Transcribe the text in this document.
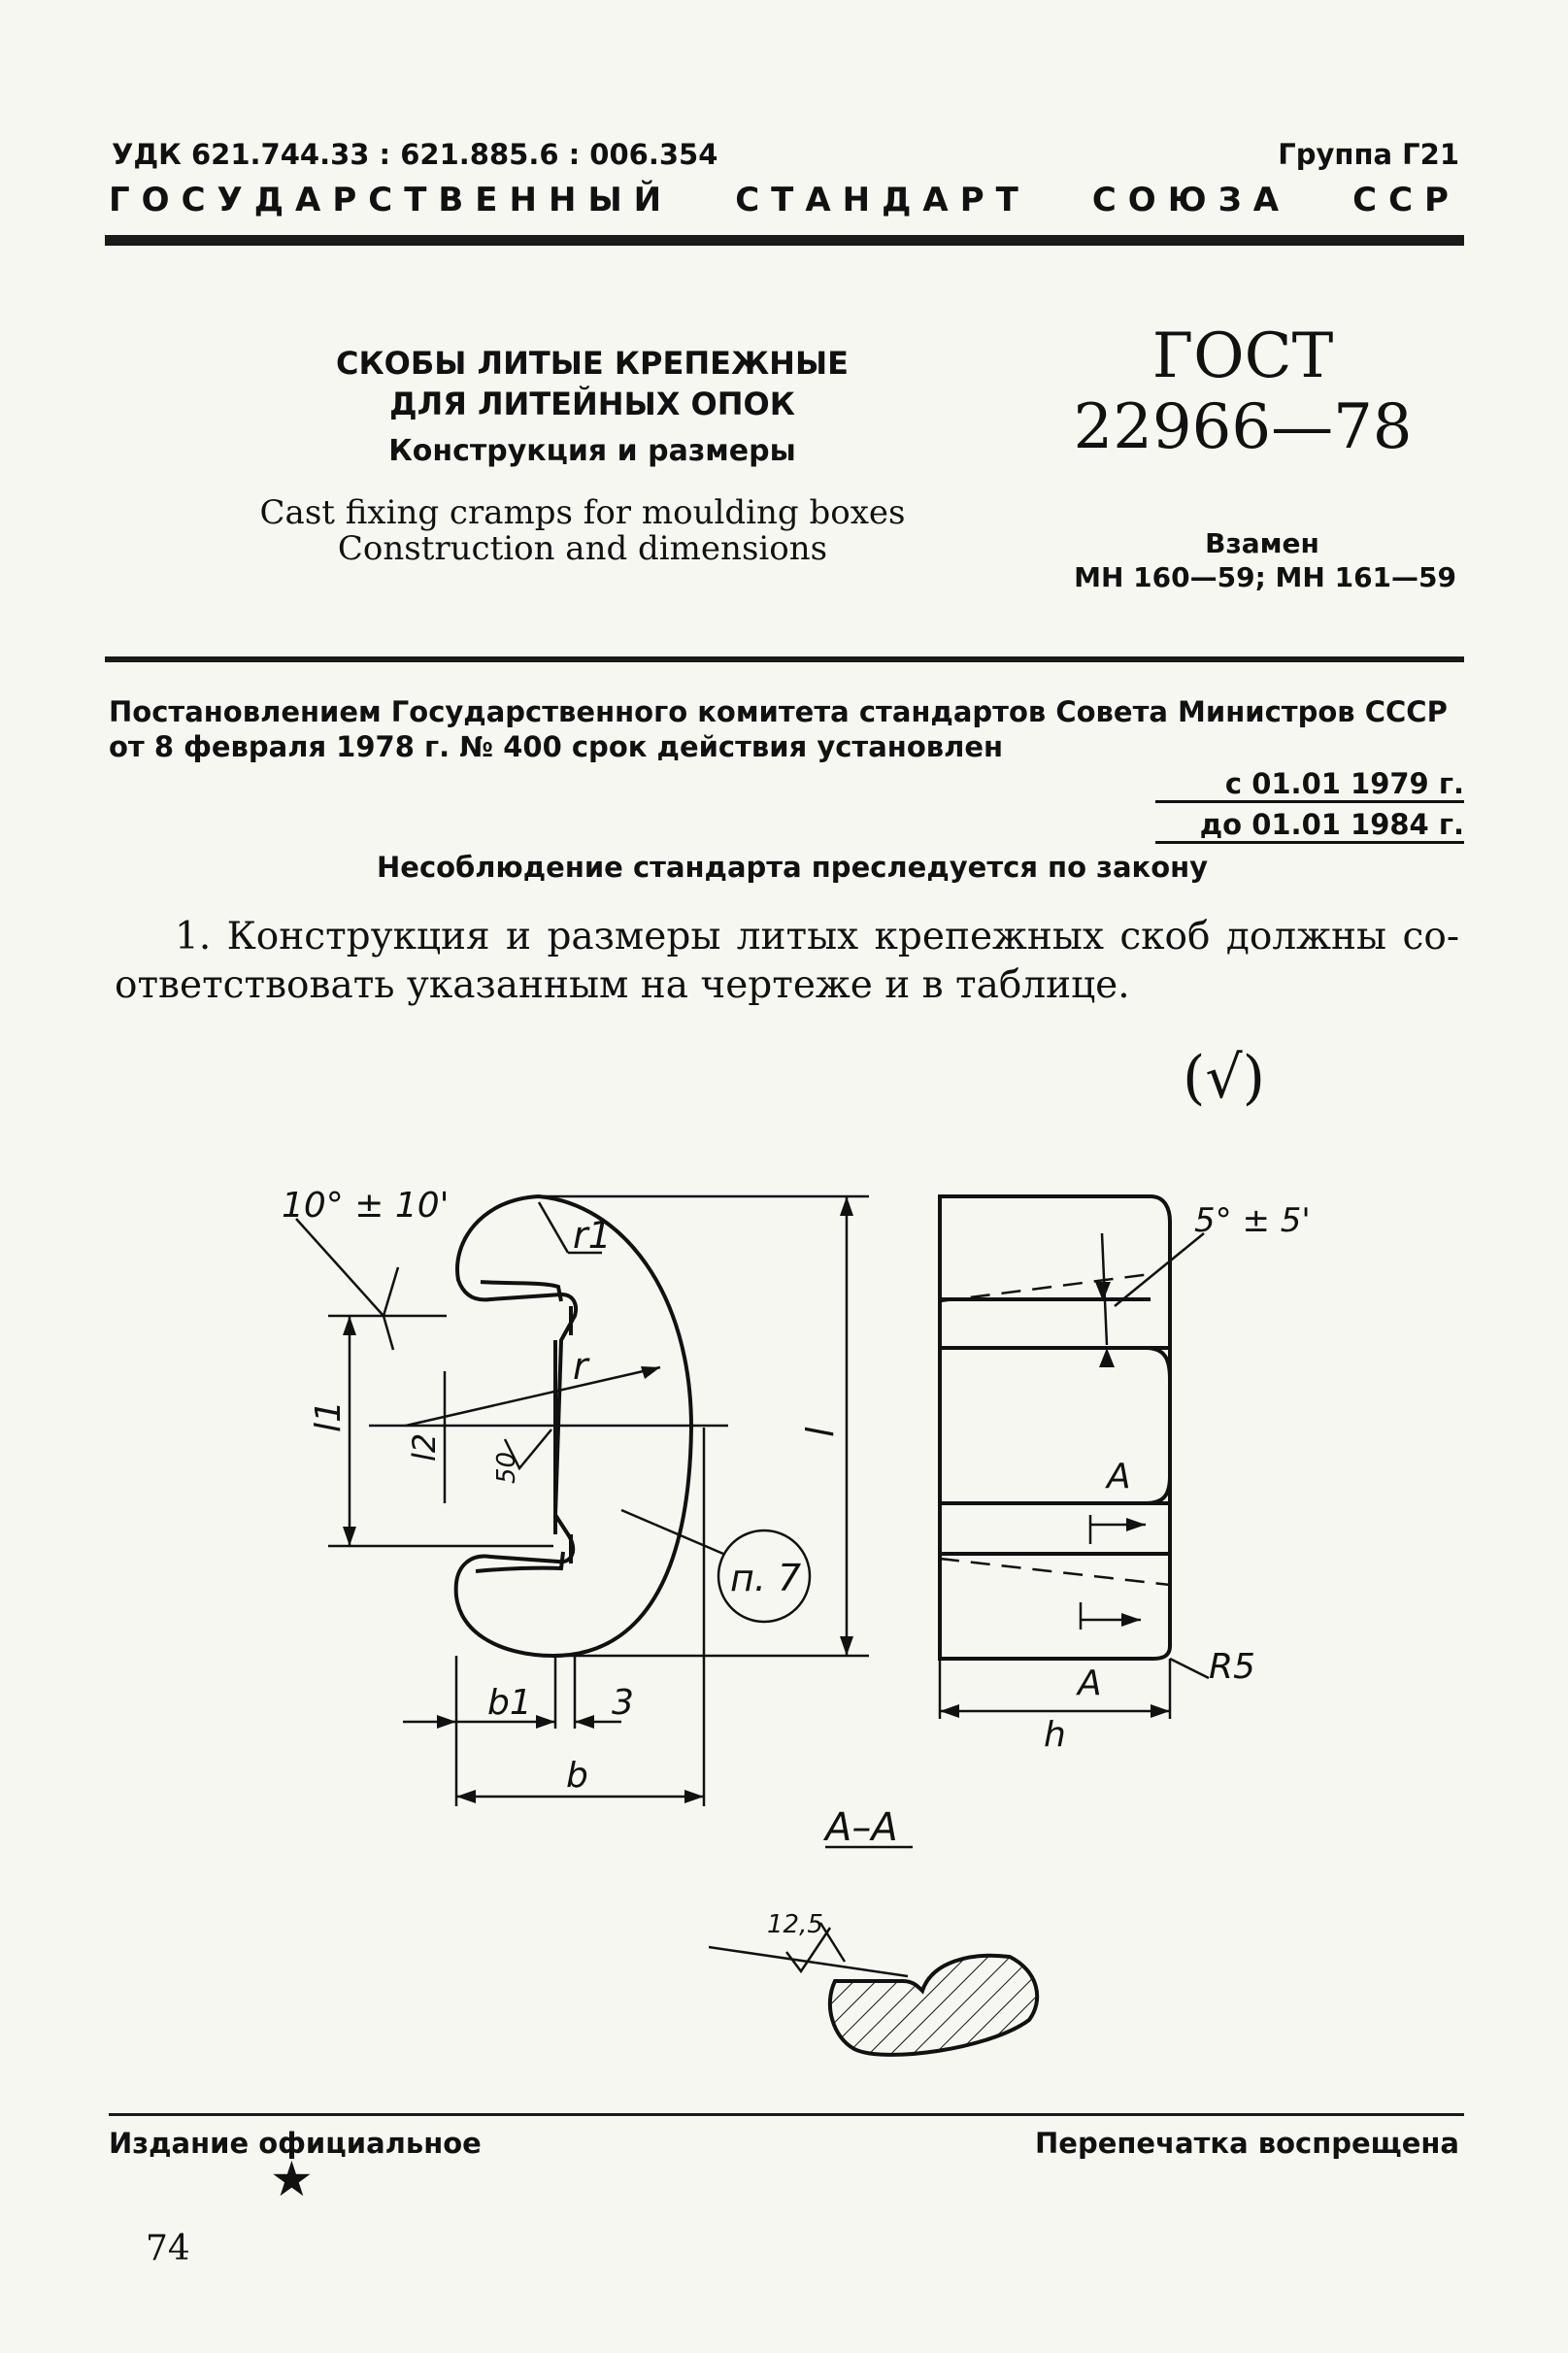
УДК 621.744.33 : 621.885.6 : 006.354	Группа Г21
ГОСУДАРСТВЕННЫЙ СТАНДАРТ СОЮЗА ССР
СКОБЫ ЛИТЫЕ КРЕПЕЖНЫЕ
ДЛЯ ЛИТЕЙНЫХ ОПОК
Конструкция и размеры
Cast fixing cramps for moulding boxes
Construction and dimensions
ГОСТ
22966—78
Взамен
МН 160—59; МН 161—59
Постановлением Государственного комитета стандартов Совета Министров СССР
от 8 февраля 1978 г. № 400 срок действия установлен
с 01.01 1979 г.
до 01.01 1984 г.
Несоблюдение стандарта преследуется по закону
1. Конструкция и размеры литых крепежных скоб должны со-
ответствовать указанным на чертеже и в таблице.
(√)
10° ± 10'
r1
r
l1
l2
50
l
п. 7
b1 3
b
5° ± 5'
A
A	R5
h
А–А
12,5
Издание официальное	Перепечатка воспрещена
★
74
